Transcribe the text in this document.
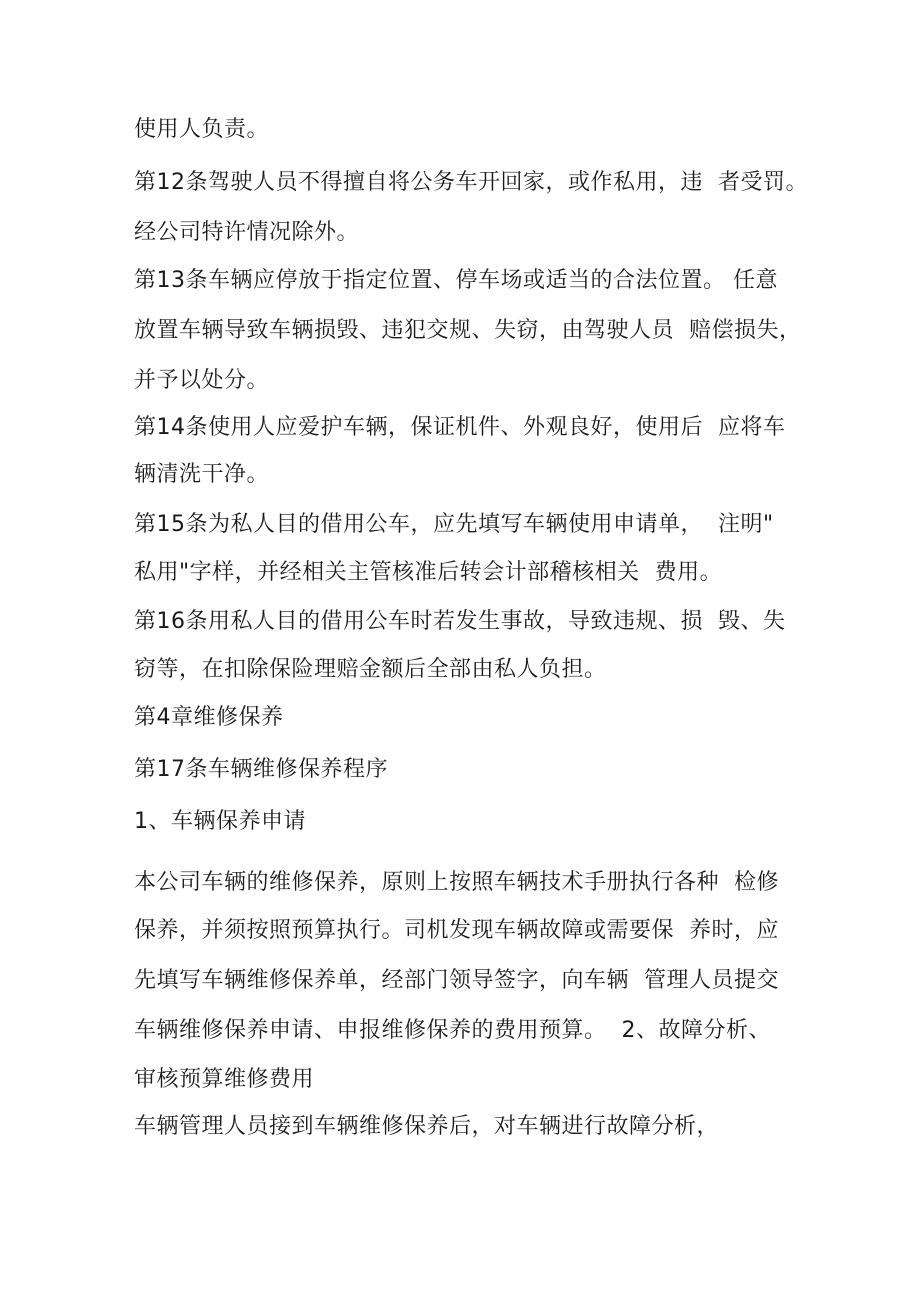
使用人负责。
第12条驾驶人员不得擅自将公务车开回家，或作私用，违  者受罚。
经公司特许情况除外。
第13条车辆应停放于指定位置、停车场或适当的合法位置。 任意
放置车辆导致车辆损毁、违犯交规、失窃，由驾驶人员  赔偿损失，
并予以处分。
第14条使用人应爱护车辆，保证机件、外观良好，使用后  应将车
辆清洗干净。
第15条为私人目的借用公车，应先填写车辆使用申请单，  注明"
私用"字样，并经相关主管核准后转会计部稽核相关  费用。
第16条用私人目的借用公车时若发生事故，导致违规、损  毁、失
窃等，在扣除保险理赔金额后全部由私人负担。
第4章维修保养
第17条车辆维修保养程序
1、车辆保养申请
本公司车辆的维修保养，原则上按照车辆技术手册执行各种  检修
保养，并须按照预算执行。司机发现车辆故障或需要保  养时，应
先填写车辆维修保养单，经部门领导签字，向车辆  管理人员提交
车辆维修保养申请、申报维修保养的费用预算。  2、故障分析、
审核预算维修费用
车辆管理人员接到车辆维修保养后，对车辆进行故障分析，
